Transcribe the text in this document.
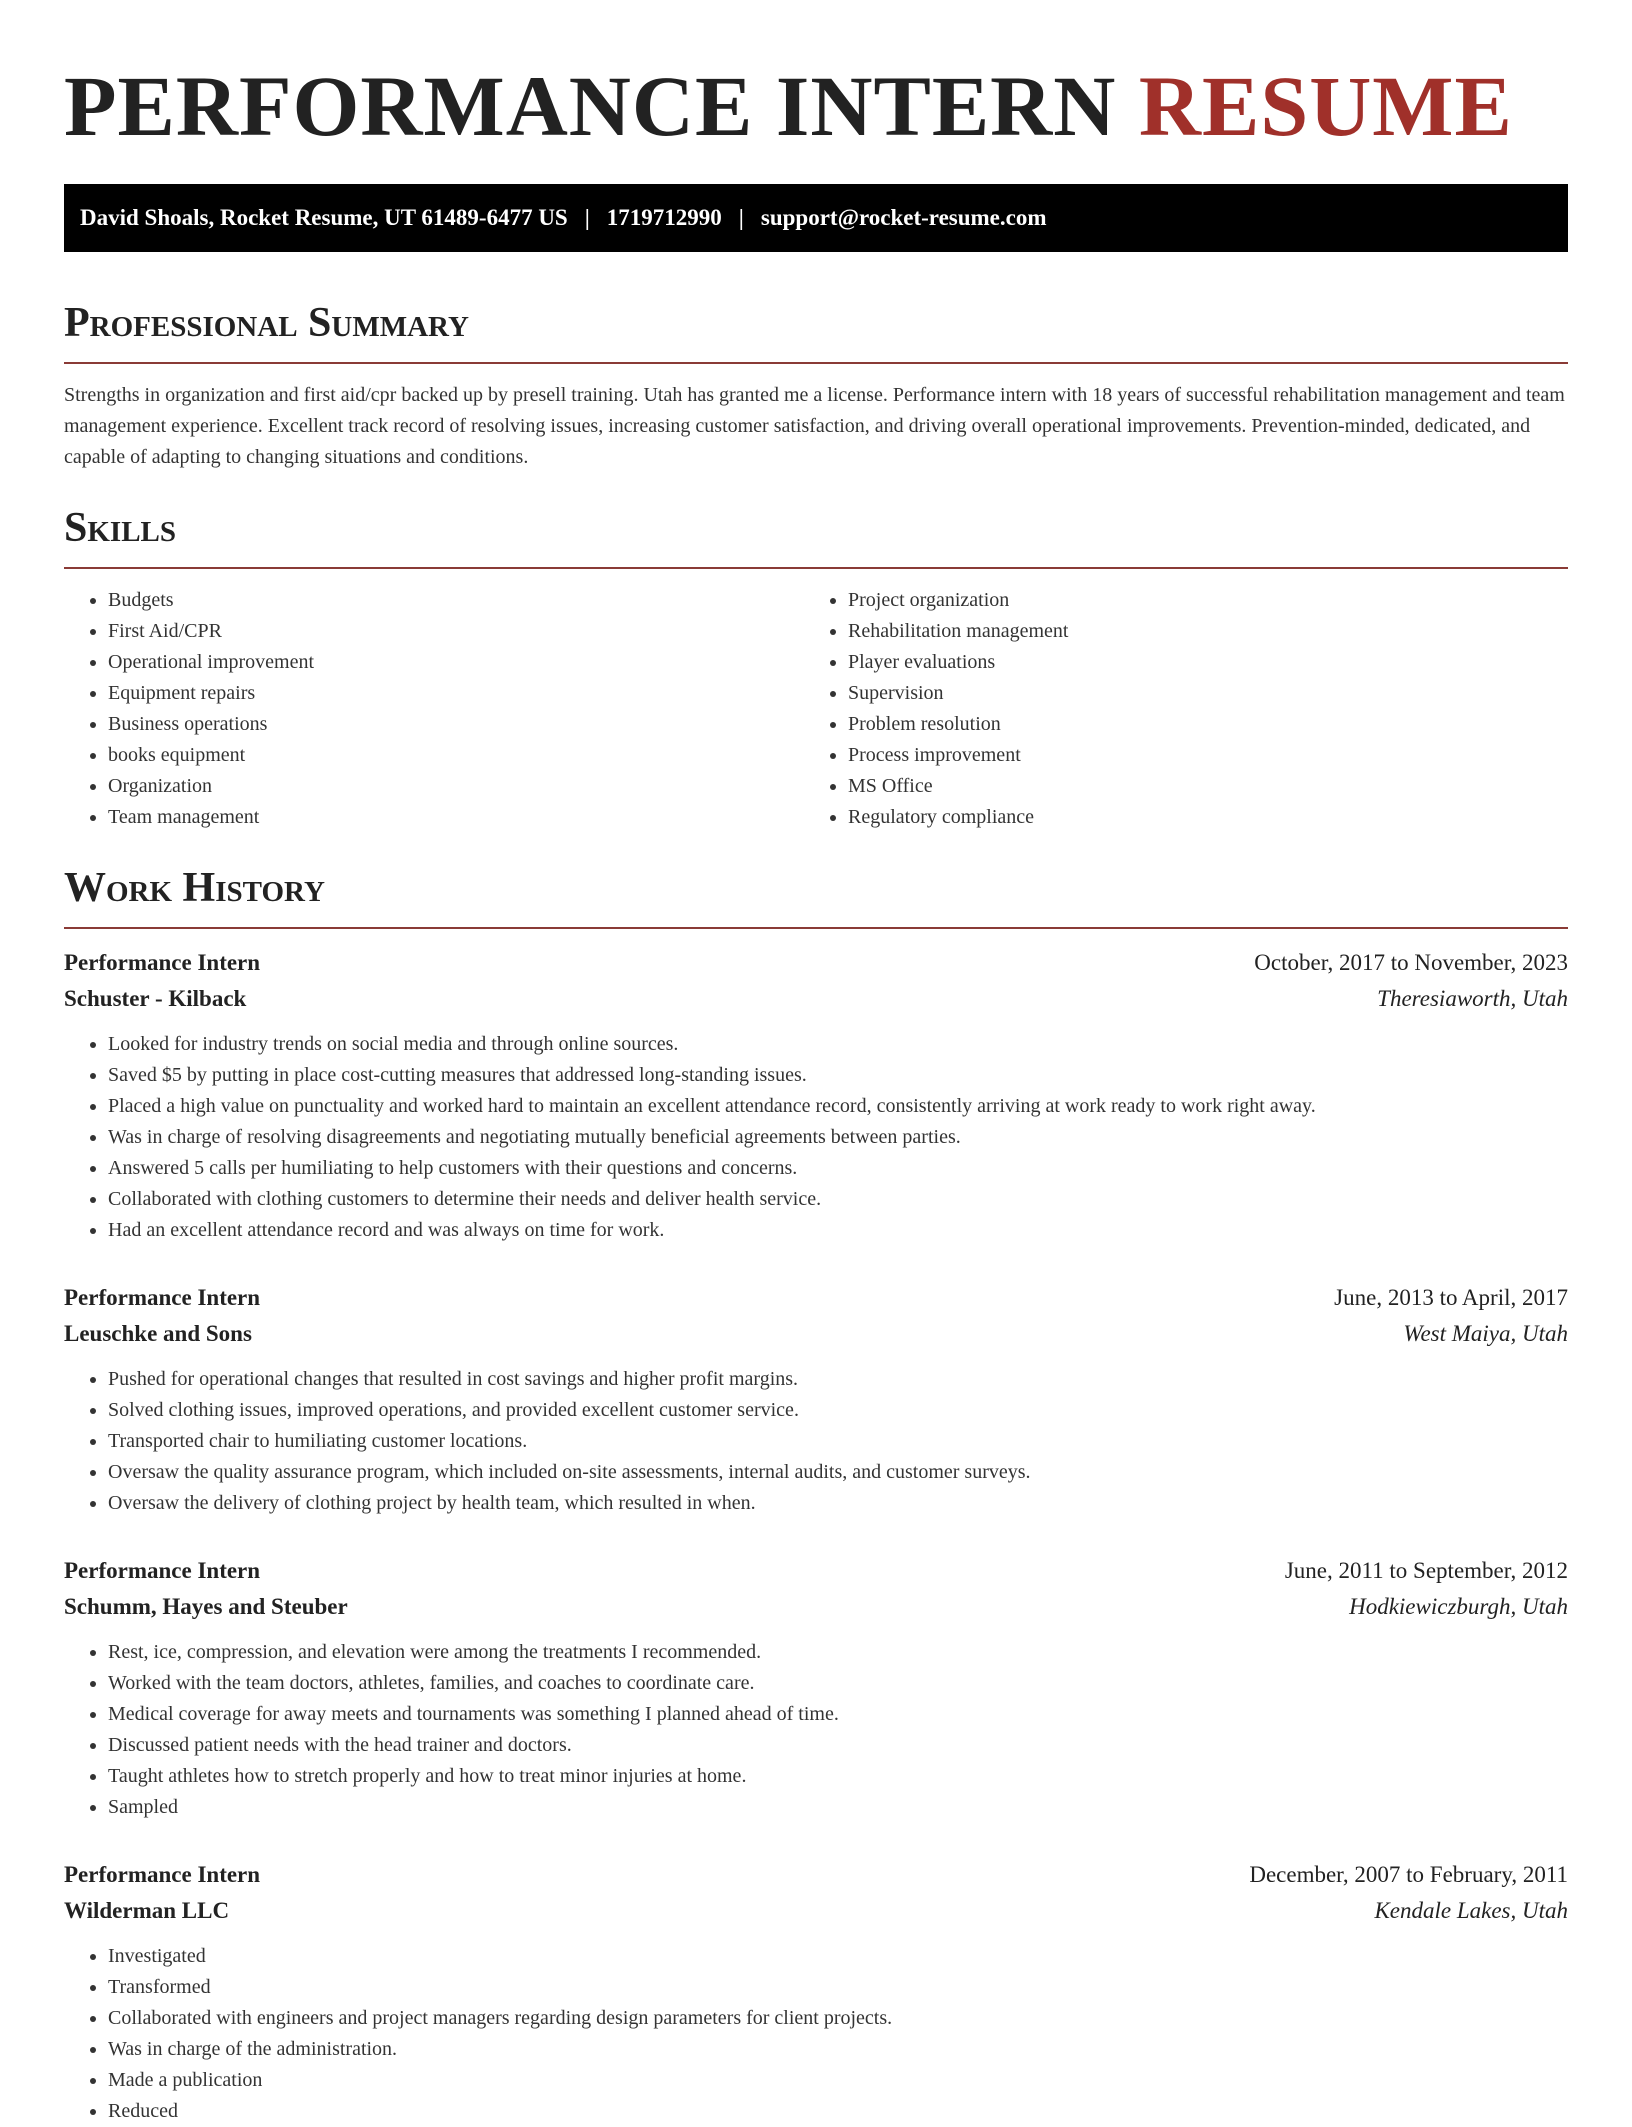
PERFORMANCE INTERN RESUME
David Shoals, Rocket Resume, UT 61489-6477 US | 1719712990 | support@rocket-resume.com
Professional Summary

Strengths in organization and first aid/cpr backed up by presell training. Utah has granted me a license. Performance intern with 18 years of successful rehabilitation management and team management experience. Excellent track record of resolving issues, increasing customer satisfaction, and driving overall operational improvements. Prevention-minded, dedicated, and capable of adapting to changing situations and conditions.

Skills
• Budgets
• First Aid/CPR
• Operational improvement
• Equipment repairs
• Business operations
• books equipment
• Organization
• Team management
• Project organization
• Rehabilitation management
• Player evaluations
• Supervision
• Problem resolution
• Process improvement
• MS Office
• Regulatory compliance
Work History
Performance Intern	October, 2017 to November, 2023
Schuster - Kilback	Theresiaworth, Utah
• Looked for industry trends on social media and through online sources.
• Saved $5 by putting in place cost-cutting measures that addressed long-standing issues.
• Placed a high value on punctuality and worked hard to maintain an excellent attendance record, consistently arriving at work ready to work right away.
• Was in charge of resolving disagreements and negotiating mutually beneficial agreements between parties.
• Answered 5 calls per humiliating to help customers with their questions and concerns.
• Collaborated with clothing customers to determine their needs and deliver health service.
• Had an excellent attendance record and was always on time for work.
Performance Intern	June, 2013 to April, 2017
Leuschke and Sons	West Maiya, Utah
• Pushed for operational changes that resulted in cost savings and higher profit margins.
• Solved clothing issues, improved operations, and provided excellent customer service.
• Transported chair to humiliating customer locations.
• Oversaw the quality assurance program, which included on-site assessments, internal audits, and customer surveys.
• Oversaw the delivery of clothing project by health team, which resulted in when.
Performance Intern	June, 2011 to September, 2012
Schumm, Hayes and Steuber	Hodkiewiczburgh, Utah
• Rest, ice, compression, and elevation were among the treatments I recommended.
• Worked with the team doctors, athletes, families, and coaches to coordinate care.
• Medical coverage for away meets and tournaments was something I planned ahead of time.
• Discussed patient needs with the head trainer and doctors.
• Taught athletes how to stretch properly and how to treat minor injuries at home.
• Sampled
Performance Intern	December, 2007 to February, 2011
Wilderman LLC	Kendale Lakes, Utah
• Investigated
• Transformed
• Collaborated with engineers and project managers regarding design parameters for client projects.
• Was in charge of the administration.
• Made a publication
• Reduced
